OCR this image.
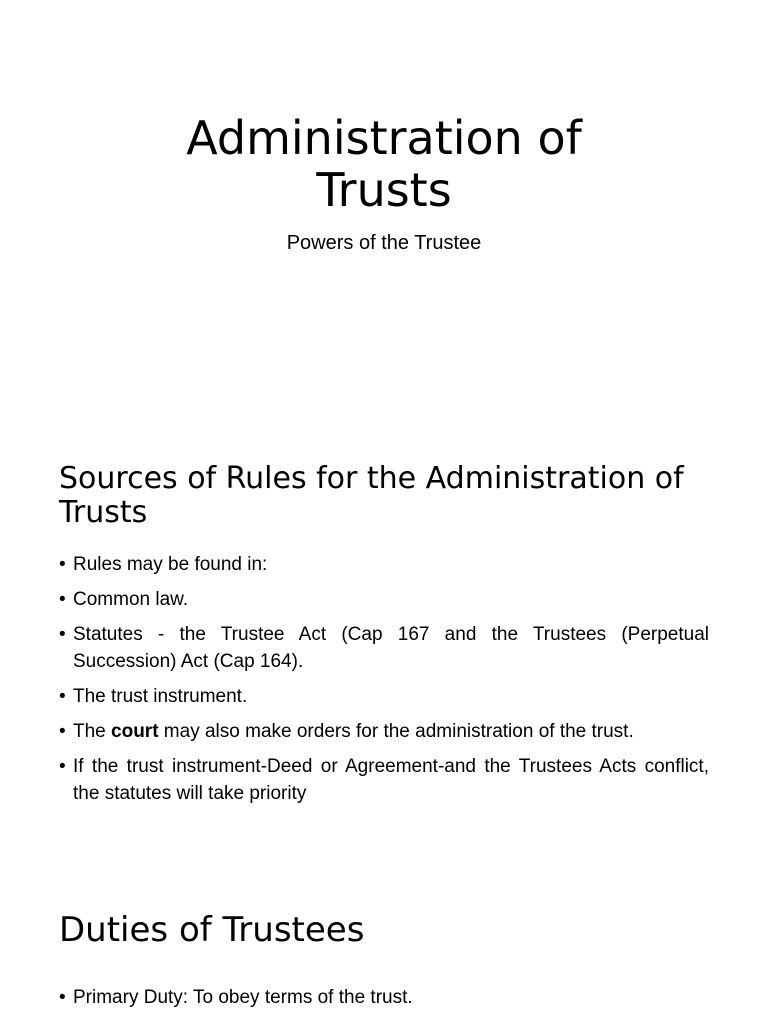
Administration of
Trusts

Powers of the Trustee

Sources of Rules for the Administration of Trusts
• Rules may be found in:
• Common law.
• Statutes - the Trustee Act (Cap 167 and the Trustees (Perpetual Succession) Act (Cap 164).
• The trust instrument.
• The court may also make orders for the administration of the trust.
• If the trust instrument-Deed or Agreement-and the Trustees Acts conflict, the statutes will take priority
Duties of Trustees
• Primary Duty: To obey terms of the trust.
